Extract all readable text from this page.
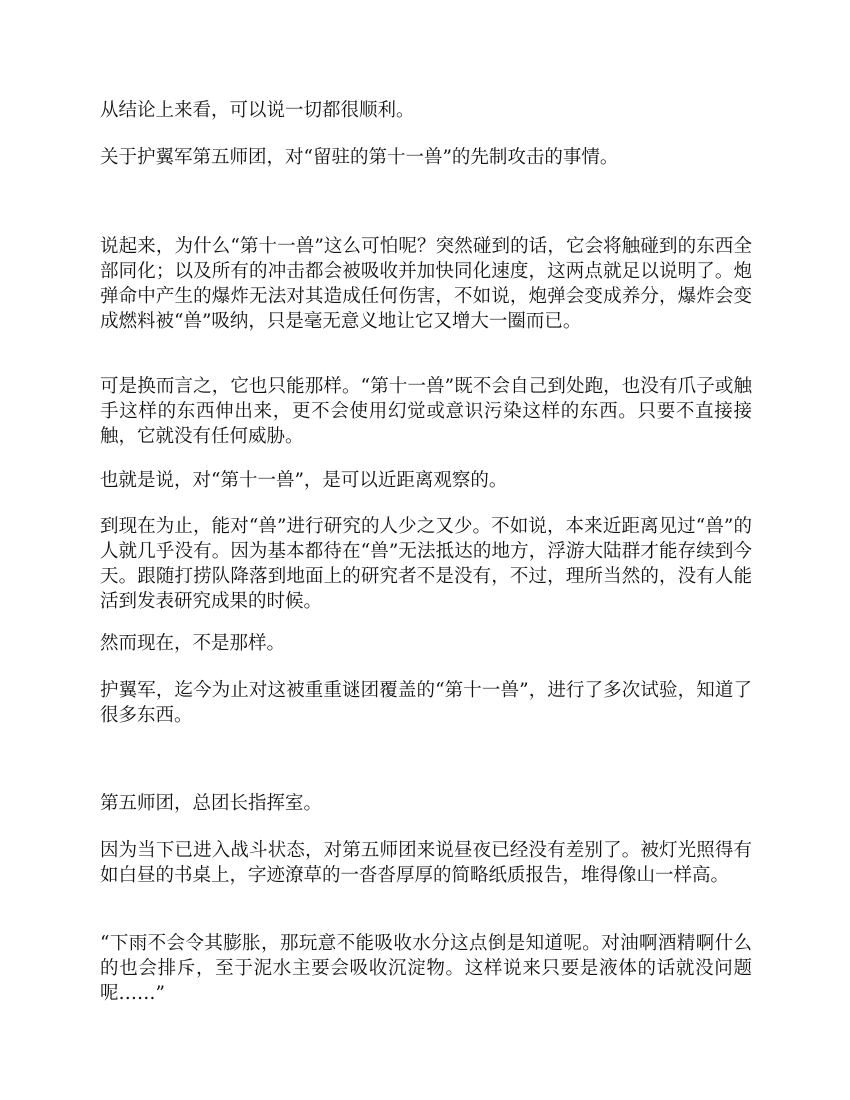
从结论上来看，可以说一切都很顺利。

关于护翼军第五师团，对“留驻的第十一兽”的先制攻击的事情。

说起来，为什么“第十一兽”这么可怕呢？突然碰到的话，它会将触碰到的东西全部同化；以及所有的冲击都会被吸收并加快同化速度，这两点就足以说明了。炮弹命中产生的爆炸无法对其造成任何伤害，不如说，炮弹会变成养分，爆炸会变成燃料被“兽”吸纳，只是毫无意义地让它又增大一圈而已。

可是换而言之，它也只能那样。“第十一兽”既不会自己到处跑，也没有爪子或触手这样的东西伸出来，更不会使用幻觉或意识污染这样的东西。只要不直接接触，它就没有任何威胁。

也就是说，对“第十一兽”，是可以近距离观察的。

到现在为止，能对“兽”进行研究的人少之又少。不如说，本来近距离见过“兽”的人就几乎没有。因为基本都待在“兽”无法抵达的地方，浮游大陆群才能存续到今天。跟随打捞队降落到地面上的研究者不是没有，不过，理所当然的，没有人能活到发表研究成果的时候。

然而现在，不是那样。

护翼军，迄今为止对这被重重谜团覆盖的“第十一兽”，进行了多次试验，知道了很多东西。

第五师团，总团长指挥室。

因为当下已进入战斗状态，对第五师团来说昼夜已经没有差别了。被灯光照得有如白昼的书桌上，字迹潦草的一沓沓厚厚的简略纸质报告，堆得像山一样高。

“下雨不会令其膨胀，那玩意不能吸收水分这点倒是知道呢。对油啊酒精啊什么的也会排斥，至于泥水主要会吸收沉淀物。这样说来只要是液体的话就没问题呢……”
